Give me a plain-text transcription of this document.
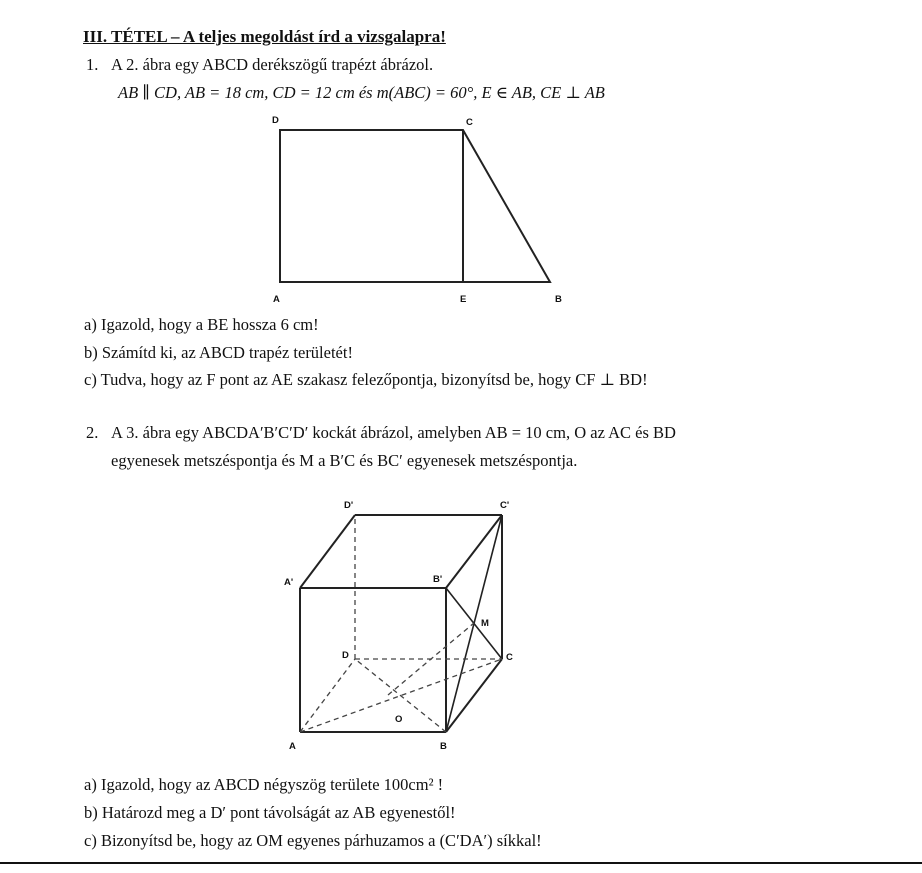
III. TÉTEL – A teljes megoldást írd a vizsgalapra!
1. A 2. ábra egy ABCD derékszögű trapézt ábrázol.
AB ∥ CD, AB = 18 cm, CD = 12 cm és m(ABC) = 60°, E ∈ AB, CE ⊥ AB
D	C
A	E	B
a) Igazold, hogy a BE hossza 6 cm!
b) Számítd ki, az ABCD trapéz területét!
c) Tudva, hogy az F pont az AE szakasz felezőpontja, bizonyítsd be, hogy CF ⊥ BD!
2. A 3. ábra egy ABCDA′B′C′D′ kockát ábrázol, amelyben AB = 10 cm, O az AC és BD
egyenesek metszéspontja és M a B′C és BC′ egyenesek metszéspontja.
D'	C'
A'	B'
M
D	C
O
A	B
a) Igazold, hogy az ABCD négyszög területe 100cm² !
b) Határozd meg a D′ pont távolságát az AB egyenestől!
c) Bizonyítsd be, hogy az OM egyenes párhuzamos a (C′DA′) síkkal!
